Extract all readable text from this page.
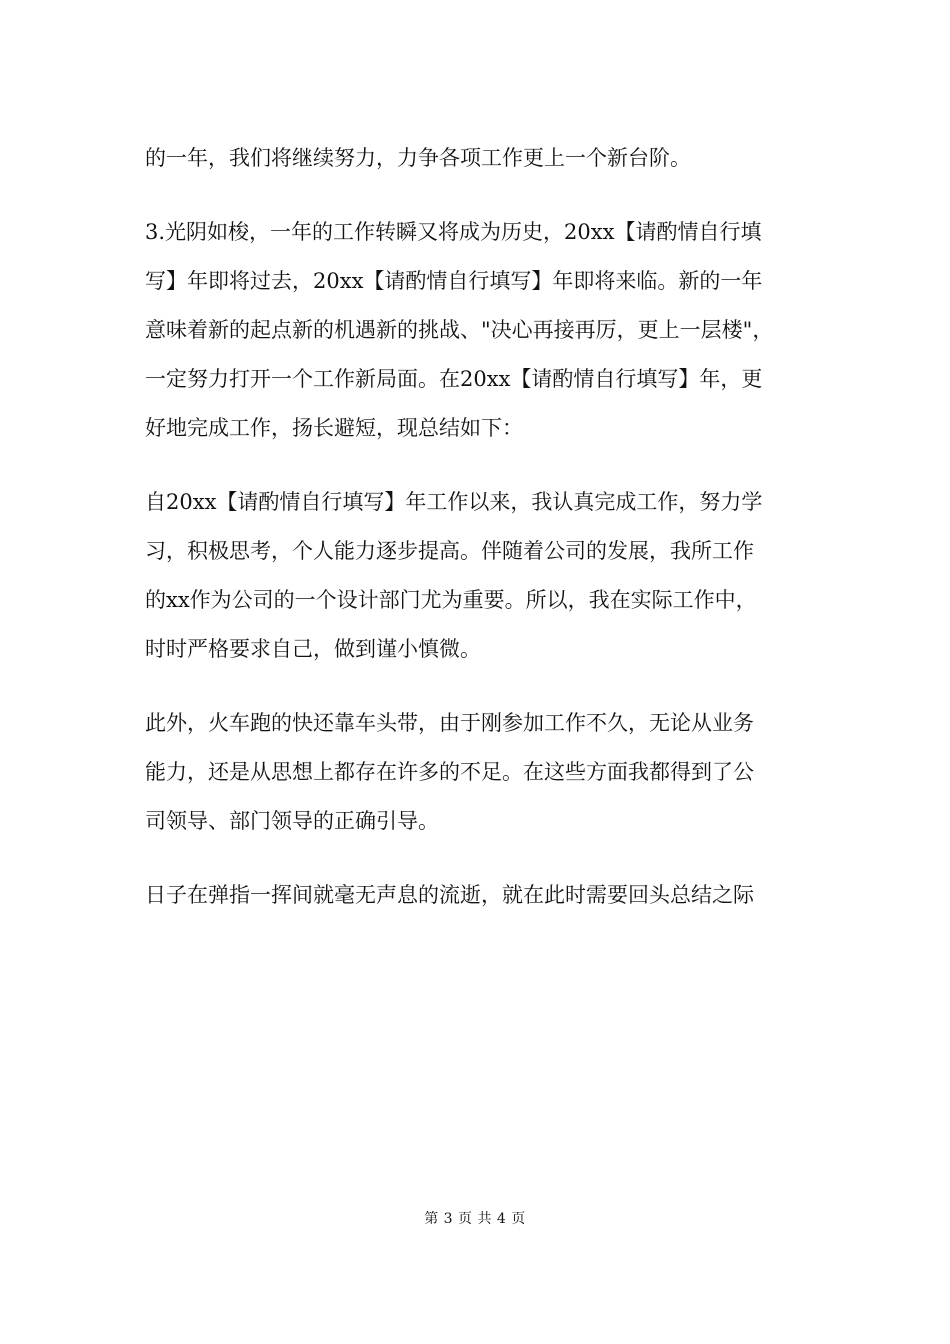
的一年，我们将继续努力，力争各项工作更上一个新台阶。
3.光阴如梭，一年的工作转瞬又将成为历史，20xx【请酌情自行填
写】年即将过去，20xx【请酌情自行填写】年即将来临。新的一年
意味着新的起点新的机遇新的挑战、"决心再接再厉，更上一层楼"，
一定努力打开一个工作新局面。在20xx【请酌情自行填写】年，更
好地完成工作，扬长避短，现总结如下：
自20xx【请酌情自行填写】年工作以来，我认真完成工作，努力学
习，积极思考，个人能力逐步提高。伴随着公司的发展，我所工作
的xx作为公司的一个设计部门尤为重要。所以，我在实际工作中，
时时严格要求自己，做到谨小慎微。
此外，火车跑的快还靠车头带，由于刚参加工作不久，无论从业务
能力，还是从思想上都存在许多的不足。在这些方面我都得到了公
司领导、部门领导的正确引导。
日子在弹指一挥间就毫无声息的流逝，就在此时需要回头总结之际
第 3 页 共 4 页
